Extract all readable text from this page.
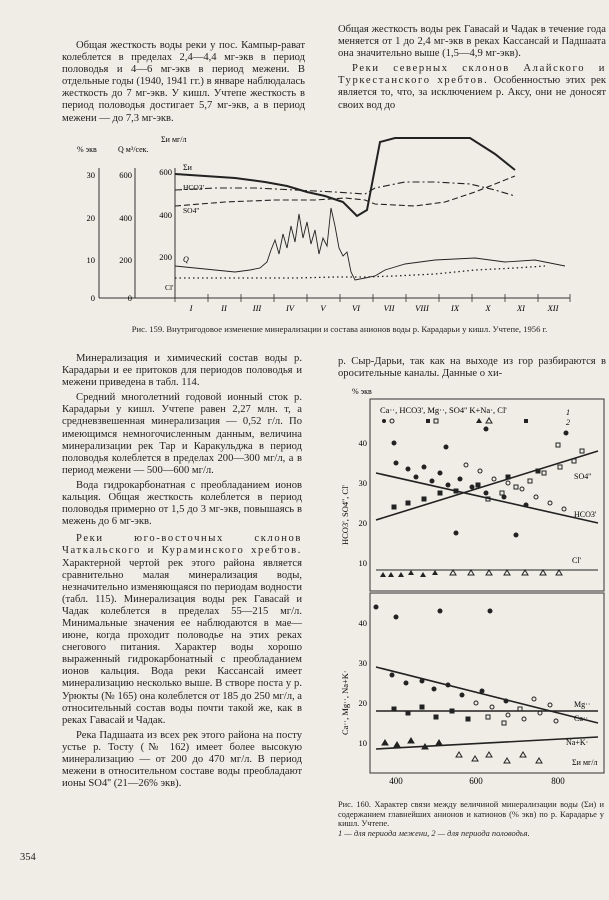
Общая жесткость воды реки у пос. Кампыр-рават колеблется в пределах 2,4—4,4 мг-экв в период половодья и 4—6 мг-экв в период межени. В отдельные годы (1940, 1941 гг.) в январе наблюдалась жесткость до 7 мг-экв. У кишл. Учтепе жесткость в период половодья достигает 5,7 мг-экв, а в период межени — до 7,3 мг-экв.

Общая жесткость воды рек Гавасай и Чадак в течение года меняется от 1 до 2,4 мг-экв в реках Кассансай и Падшаата она значительно выше (1,5—4,9 мг-экв).

Реки северных склонов Алайского и Туркестанского хребтов. Особенностью этих рек является то, что, за исключением р. Аксу, они не доносят своих вод до

% экв	Q м³/сек.
Σи мг/л
30
20
10
0
600
400
200
0
600
400
200
I	II	III	IV	V	VI	VII VIII	IX	X	XI	XII
Σи
HCO3'
SO4''
Q
Cl'
Рис. 159. Внутригодовое изменение минерализации и состава анионов воды р. Карадарьи у кишл. Учтепе, 1956 г.

Минерализация и химический состав воды р. Карадарьи и ее притоков для периодов половодья и межени приведена в табл. 114.

Средний многолетний годовой ионный сток р. Карадарьи у кишл. Учтепе равен 2,27 млн. т, а средневзвешенная минерализация — 0,52 г/л. По имеющимся немногочисленным данным, величина минерализации рек Тар и Каракульджа в период половодья колеблется в пределах 200—300 мг/л, а в период межени — 500—600 мг/л.

Вода гидрокарбонатная с преобладанием ионов кальция. Общая жесткость колеблется в период половодья примерно от 1,5 до 3 мг-экв, повышаясь в межень до 6 мг-экв.

Реки юго-восточных склонов Чаткальского и Кураминского хребтов. Характерной чертой рек этого района является сравнительно малая минерализация воды, незначительно изменяющаяся по периодам водности (табл. 115). Минерализация воды рек Гавасай и Чадак колеблется в пределах 55—215 мг/л. Минимальные значения ее наблюдаются в мае—июне, когда проходит половодье на этих реках снегового питания. Характер воды хорошо выраженный гидрокарбонатный с преобладанием ионов кальция. Вода реки Кассансай имеет минерализацию несколько выше. В створе поста у р. Урюкты (№ 165) она колеблется от 185 до 250 мг/л, а относительный состав воды почти такой же, как в реках Гавасай и Чадак.

Река Падшаата из всех рек этого района на посту устье р. Тосту (№ 162) имеет более высокую минерализацию — от 200 до 470 мг/л. В период межени в относительном составе воды преобладают ионы SO4'' (21—26% экв).

р. Сыр-Дарьи, так как на выходе из гор разбираются в оросительные каналы. Данные о хи-

% экв
Ca··, HCO3', Mg··, SO4'' K+Na·, Cl'	1
2
40
30
20
10
HCO3', SO4'', Cl'
SO4''
HCO3'
Cl'
40
30
20
10
Ca··, Mg··, Na+K·	Mg··
Ca··
Na+K·
400	600	800
Σи мг/л
Рис. 160. Характер связи между величиной минерализации воды (Σи) и содержанием главнейших анионов и катионов (% экв) по р. Карадарье у кишл. Учтепе.
1 — для периода межени, 2 — для периода половодья.
354
